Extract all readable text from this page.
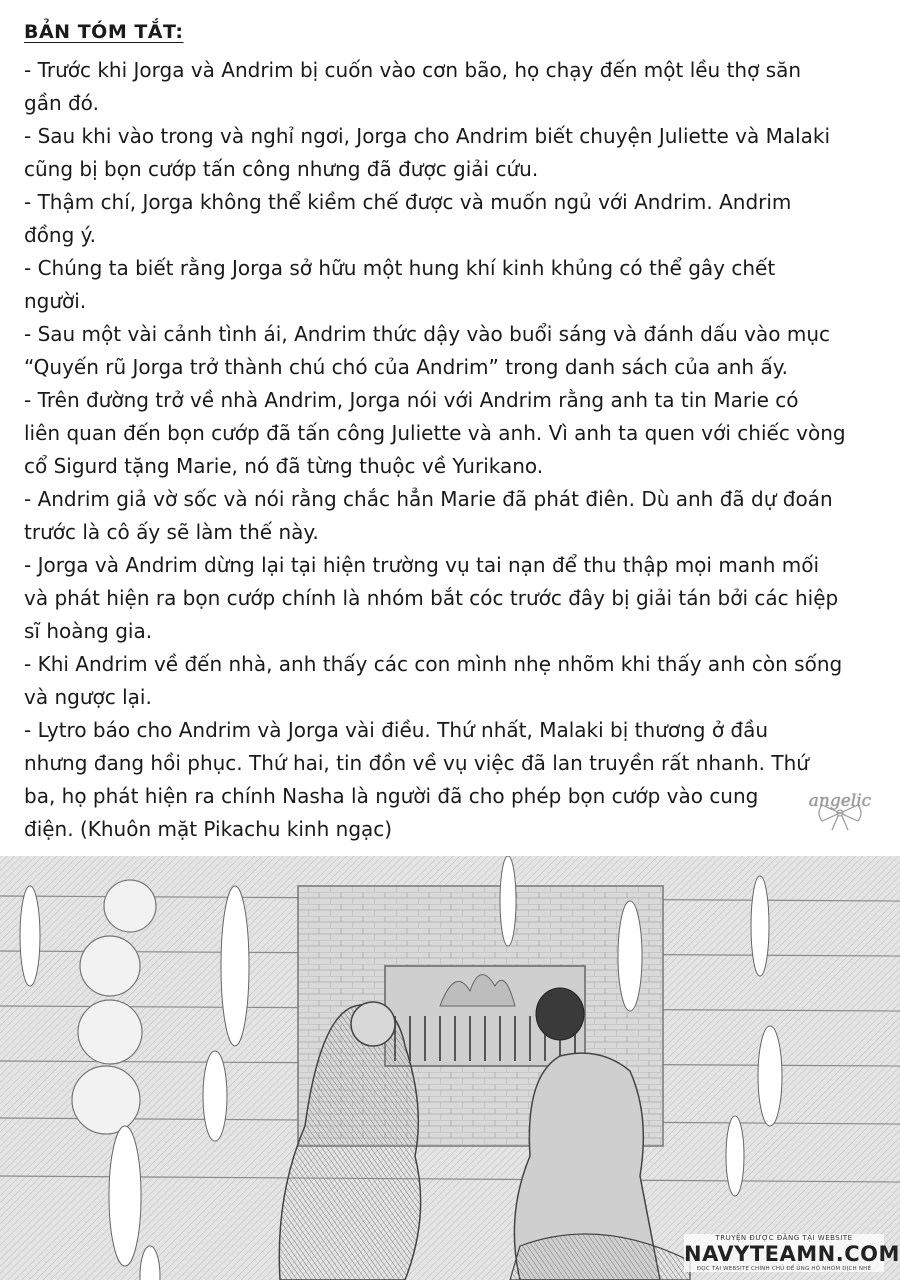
BẢN TÓM TẮT:

- Trước khi Jorga và Andrim bị cuốn vào cơn bão, họ chạy đến một lều thợ săn

gần đó.

- Sau khi vào trong và nghỉ ngơi, Jorga cho Andrim biết chuyện Juliette và Malaki

cũng bị bọn cướp tấn công nhưng đã được giải cứu.

- Thậm chí, Jorga không thể kiềm chế được và muốn ngủ với Andrim. Andrim

đồng ý.

- Chúng ta biết rằng Jorga sở hữu một hung khí kinh khủng có thể gây chết

người.

- Sau một vài cảnh tình ái, Andrim thức dậy vào buổi sáng và đánh dấu vào mục

“Quyến rũ Jorga trở thành chú chó của Andrim” trong danh sách của anh ấy.

- Trên đường trở về nhà Andrim, Jorga nói với Andrim rằng anh ta tin Marie có

liên quan đến bọn cướp đã tấn công Juliette và anh. Vì anh ta quen với chiếc vòng

cổ Sigurd tặng Marie, nó đã từng thuộc về Yurikano.

- Andrim giả vờ sốc và nói rằng chắc hẳn Marie đã phát điên. Dù anh đã dự đoán

trước là cô ấy sẽ làm thế này.

- Jorga và Andrim dừng lại tại hiện trường vụ tai nạn để thu thập mọi manh mối

và phát hiện ra bọn cướp chính là nhóm bắt cóc trước đây bị giải tán bởi các hiệp

sĩ hoàng gia.

- Khi Andrim về đến nhà, anh thấy các con mình nhẹ nhõm khi thấy anh còn sống

và ngược lại.

- Lytro báo cho Andrim và Jorga vài điều. Thứ nhất, Malaki bị thương ở đầu

nhưng đang hồi phục. Thứ hai, tin đồn về vụ việc đã lan truyền rất nhanh. Thứ

ba, họ phát hiện ra chính Nasha là người đã cho phép bọn cướp vào cung

điện. (Khuôn mặt Pikachu kinh ngạc)

angelic
TRUYỆN ĐƯỢC ĐĂNG TẠI WEBSITE
NAVYTEAMN.COM
ĐỌC TẠI WEBSITE CHÍNH CHỦ ĐỂ ỦNG HỘ NHÓM DỊCH NHÉ
